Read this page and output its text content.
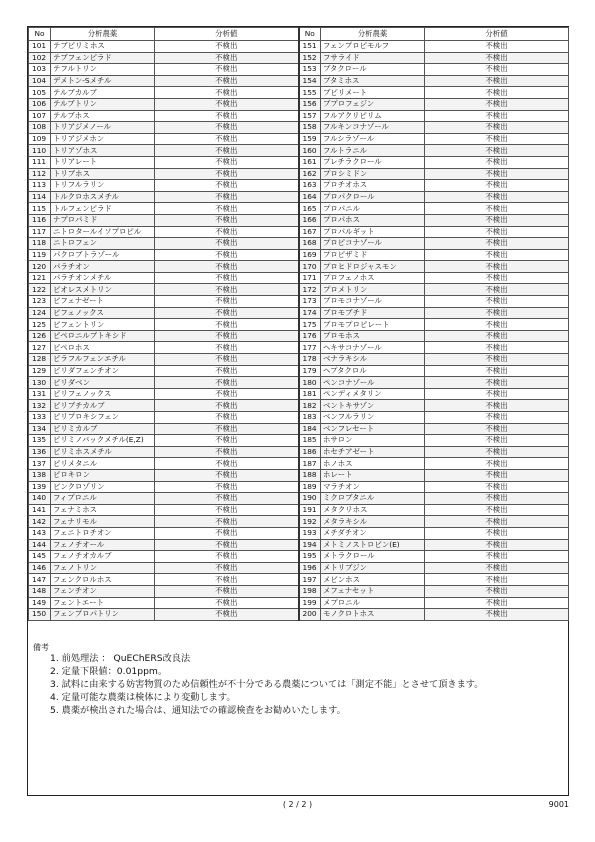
No	分析農薬	分析値	No	分析農薬	分析値
101	テブピリミホス	不検出	151	フェンプロピモルフ	不検出
102	テブフェンピラド	不検出	152	フサライド	不検出
103	テフルトリン	不検出	153	ブタクロール	不検出
104	デメトン-Sメチル	不検出	154	ブタミホス	不検出
105	テルブカルブ	不検出	155	ブピリメート	不検出
106	テルブトリン	不検出	156	ブプロフェジン	不検出
107	テルブホス	不検出	157	フルアクリピリム	不検出
108	トリアジメノール	不検出	158	フルキンコナゾール	不検出
109	トリアジメホン	不検出	159	フルシラゾール	不検出
110	トリアゾホス	不検出	160	フルトラニル	不検出
111	トリアレート	不検出	161	プレチラクロール	不検出
112	トリブホス	不検出	162	プロシミドン	不検出
113	トリフルラリン	不検出	163	プロチオホス	不検出
114	トルクロホスメチル	不検出	164	プロパクロール	不検出
115	トルフェンピラド	不検出	165	プロパニル	不検出
116	ナプロパミド	不検出	166	プロパホス	不検出
117	ニトロタールイソプロピル	不検出	167	プロパルギット	不検出
118	ニトロフェン	不検出	168	プロピコナゾール	不検出
119	パクロブトラゾール	不検出	169	プロピザミド	不検出
120	パラチオン	不検出	170	プロヒドロジャスモン	不検出
121	パラチオンメチル	不検出	171	プロフェノホス	不検出
122	ビオレスメトリン	不検出	172	プロメトリン	不検出
123	ビフェナゼート	不検出	173	ブロモコナゾール	不検出
124	ビフェノックス	不検出	174	ブロモブチド	不検出
125	ビフェントリン	不検出	175	ブロモプロピレート	不検出
126	ピペロニルブトキシド	不検出	176	ブロモホス	不検出
127	ピペロホス	不検出	177	ヘキサコナゾール	不検出
128	ピラフルフェンエチル	不検出	178	ベナラキシル	不検出
129	ピリダフェンチオン	不検出	179	ヘプタクロル	不検出
130	ピリダベン	不検出	180	ペンコナゾール	不検出
131	ピリフェノックス	不検出	181	ペンディメタリン	不検出
132	ピリブチカルブ	不検出	182	ベントキサゾン	不検出
133	ピリプロキシフェン	不検出	183	ベンフルラリン	不検出
134	ピリミカルブ	不検出	184	ベンフレセート	不検出
135	ピリミノバックメチル(E,Z)	不検出	185	ホサロン	不検出
136	ピリミホスメチル	不検出	186	ホセチアゼート	不検出
137	ピリメタニル	不検出	187	ホノホス	不検出
138	ピロキロン	不検出	188	ホレート	不検出
139	ビンクロゾリン	不検出	189	マラチオン	不検出
140	フィプロニル	不検出	190	ミクロブタニル	不検出
141	フェナミホス	不検出	191	メタクリホス	不検出
142	フェナリモル	不検出	192	メタラキシル	不検出
143	フェニトロチオン	不検出	193	メチダチオン	不検出
144	フェノチオール	不検出	194	メトミノストロビン(E)	不検出
145	フェノチオカルブ	不検出	195	メトラクロール	不検出
146	フェノトリン	不検出	196	メトリブジン	不検出
147	フェンクロルホス	不検出	197	メビンホス	不検出
148	フェンチオン	不検出	198	メフェナセット	不検出
149	フェントエート	不検出	199	メプロニル	不検出
150	フェンプロパトリン	不検出	200	モノクロトホス	不検出
備考
1. 前処理法 ： QuEChERS改良法
2. 定量下限値：0.01ppm。
3. 試料に由来する妨害物質のため信頼性が不十分である農薬については「測定不能」とさせて頂きます。
4. 定量可能な農薬は検体により変動します。
5. 農薬が検出された場合は、通知法での確認検査をお勧めいたします。
( 2 / 2 )	9001
